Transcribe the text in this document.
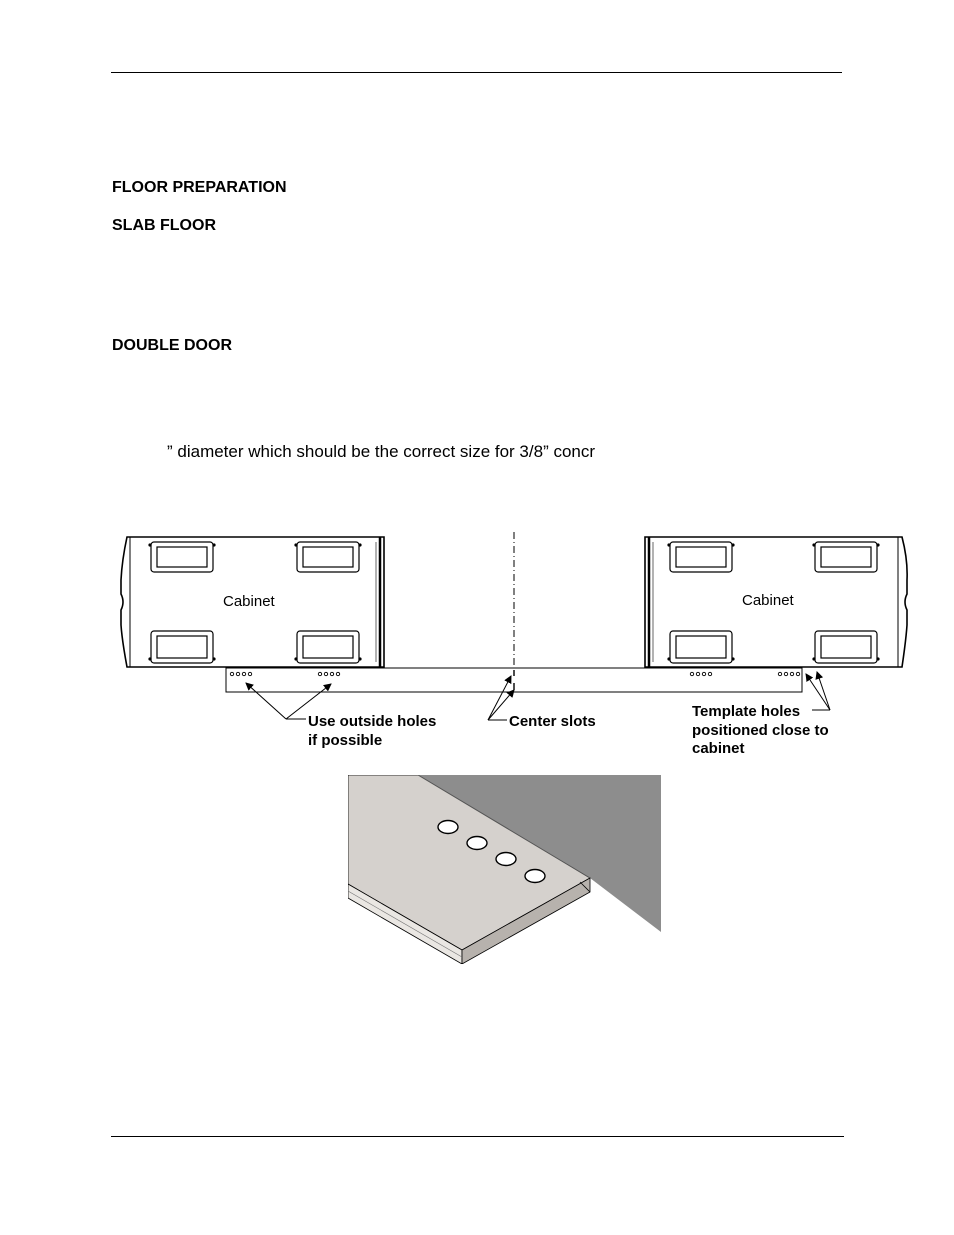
FLOOR PREPARATION
SLAB FLOOR
DOUBLE DOOR
” diameter which should be the correct size for 3/8” concr
Cabinet	Cabinet
Use outside holes if possible
Center slots
Template holes positioned close to cabinet
